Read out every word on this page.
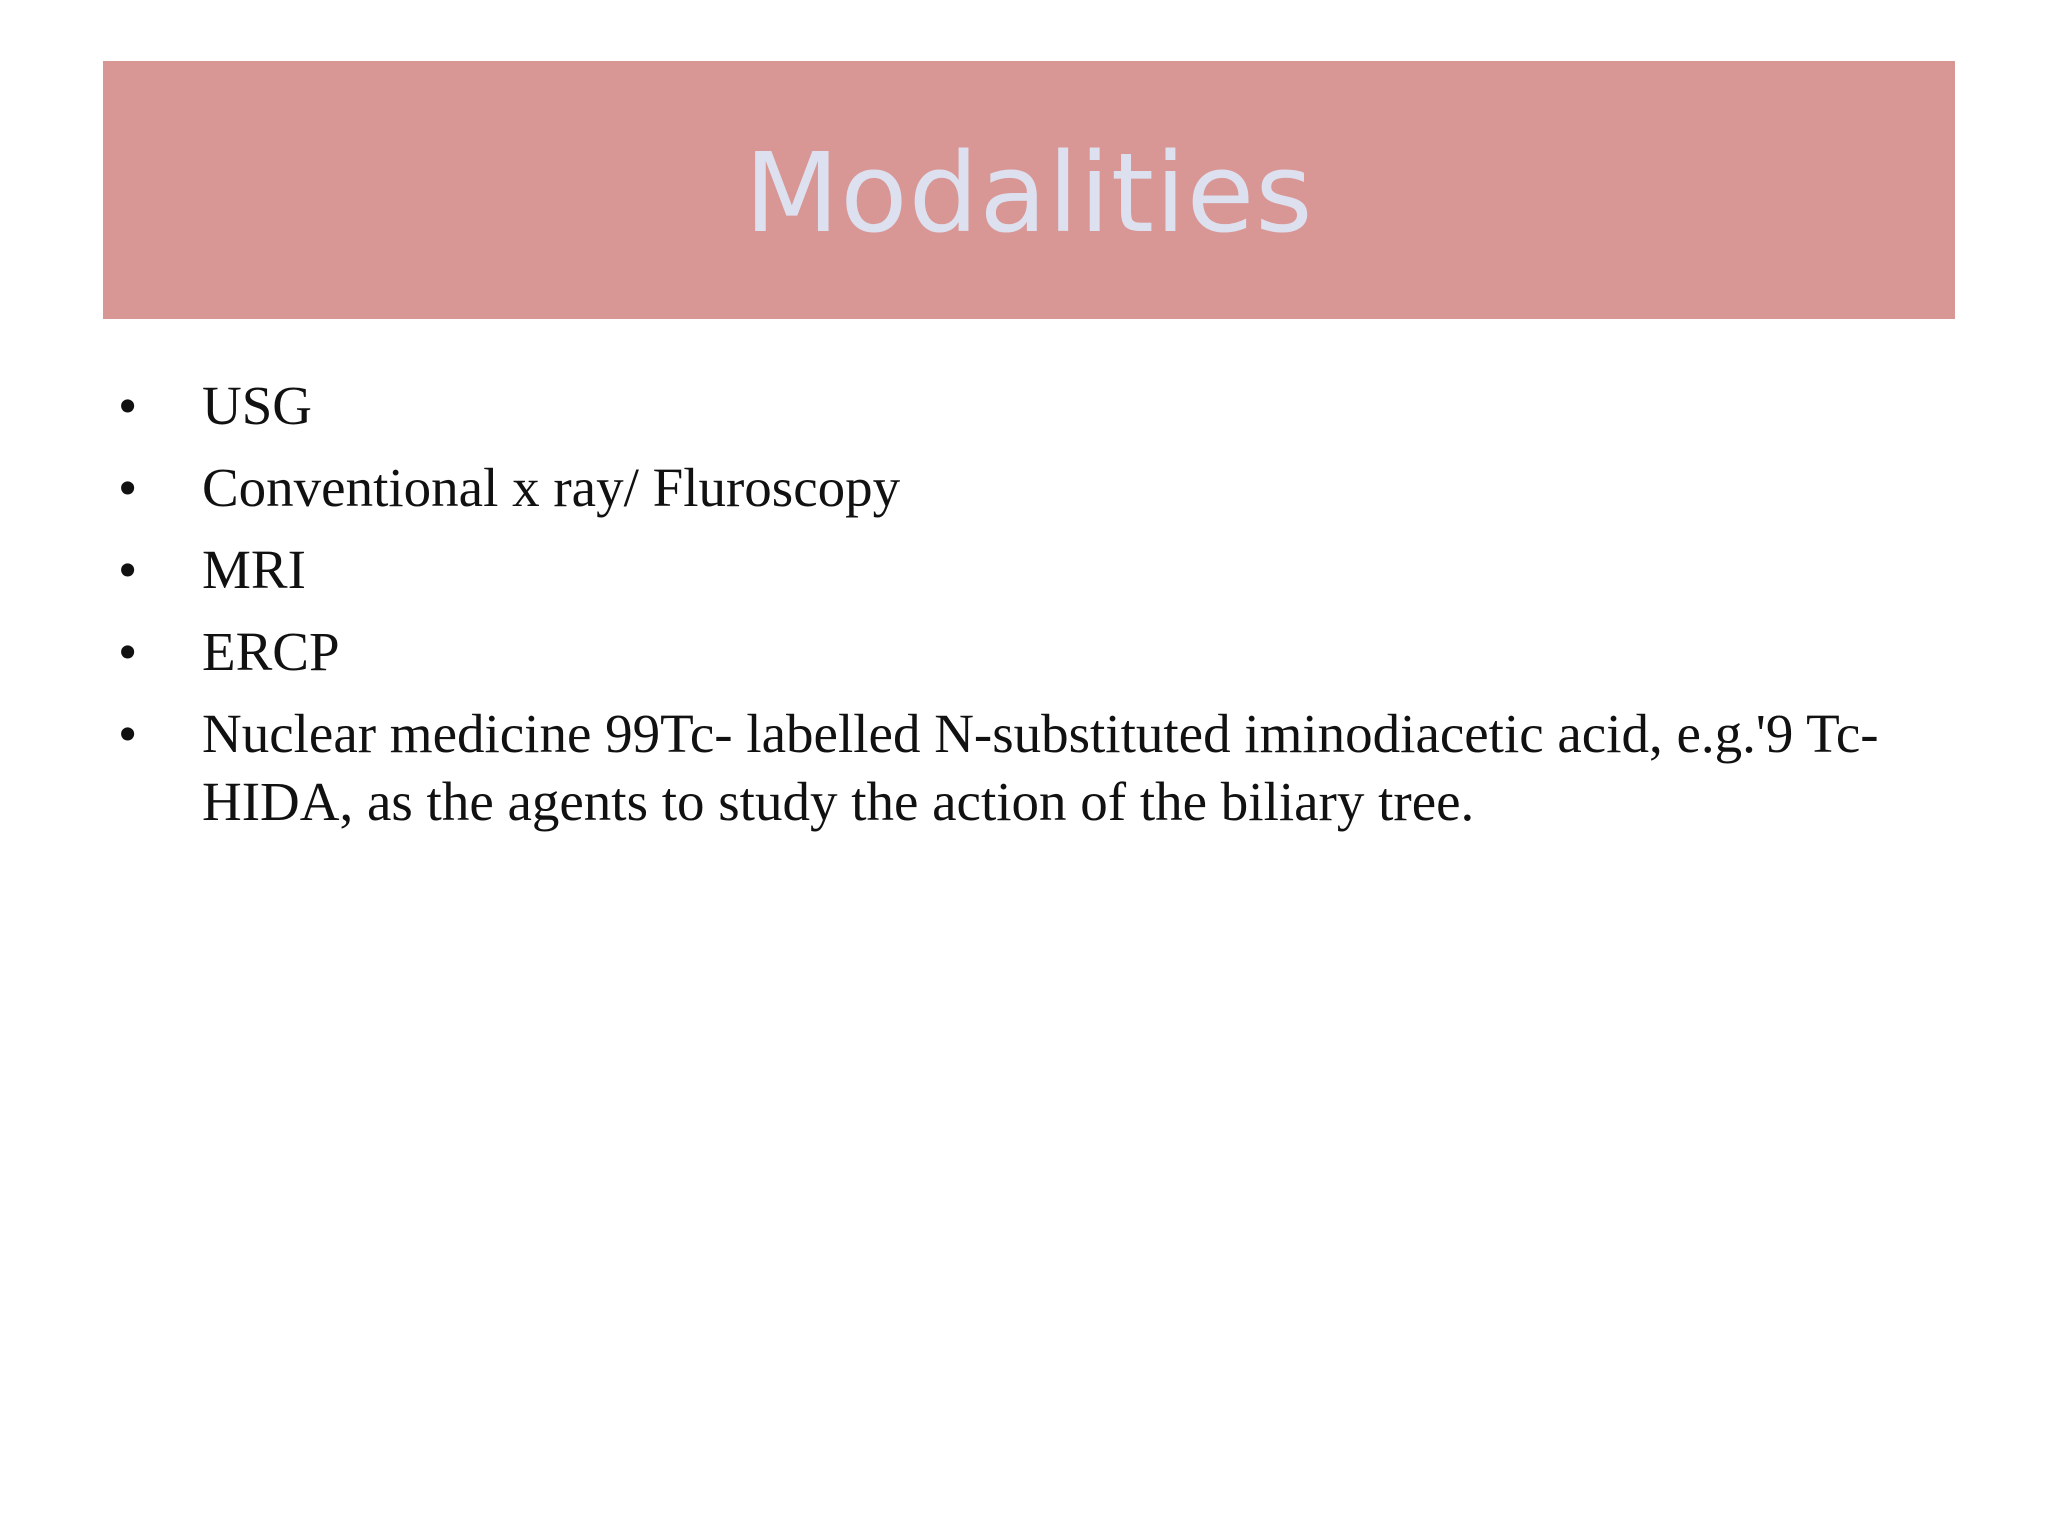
Modalities
•	USG
•	Conventional x ray/ Fluroscopy
•	MRI
•	ERCP
•	Nuclear medicine 99Tc- labelled N-substituted iminodiacetic acid, e.g.'9 Tc-HIDA, as the agents to study the action of the biliary tree.
